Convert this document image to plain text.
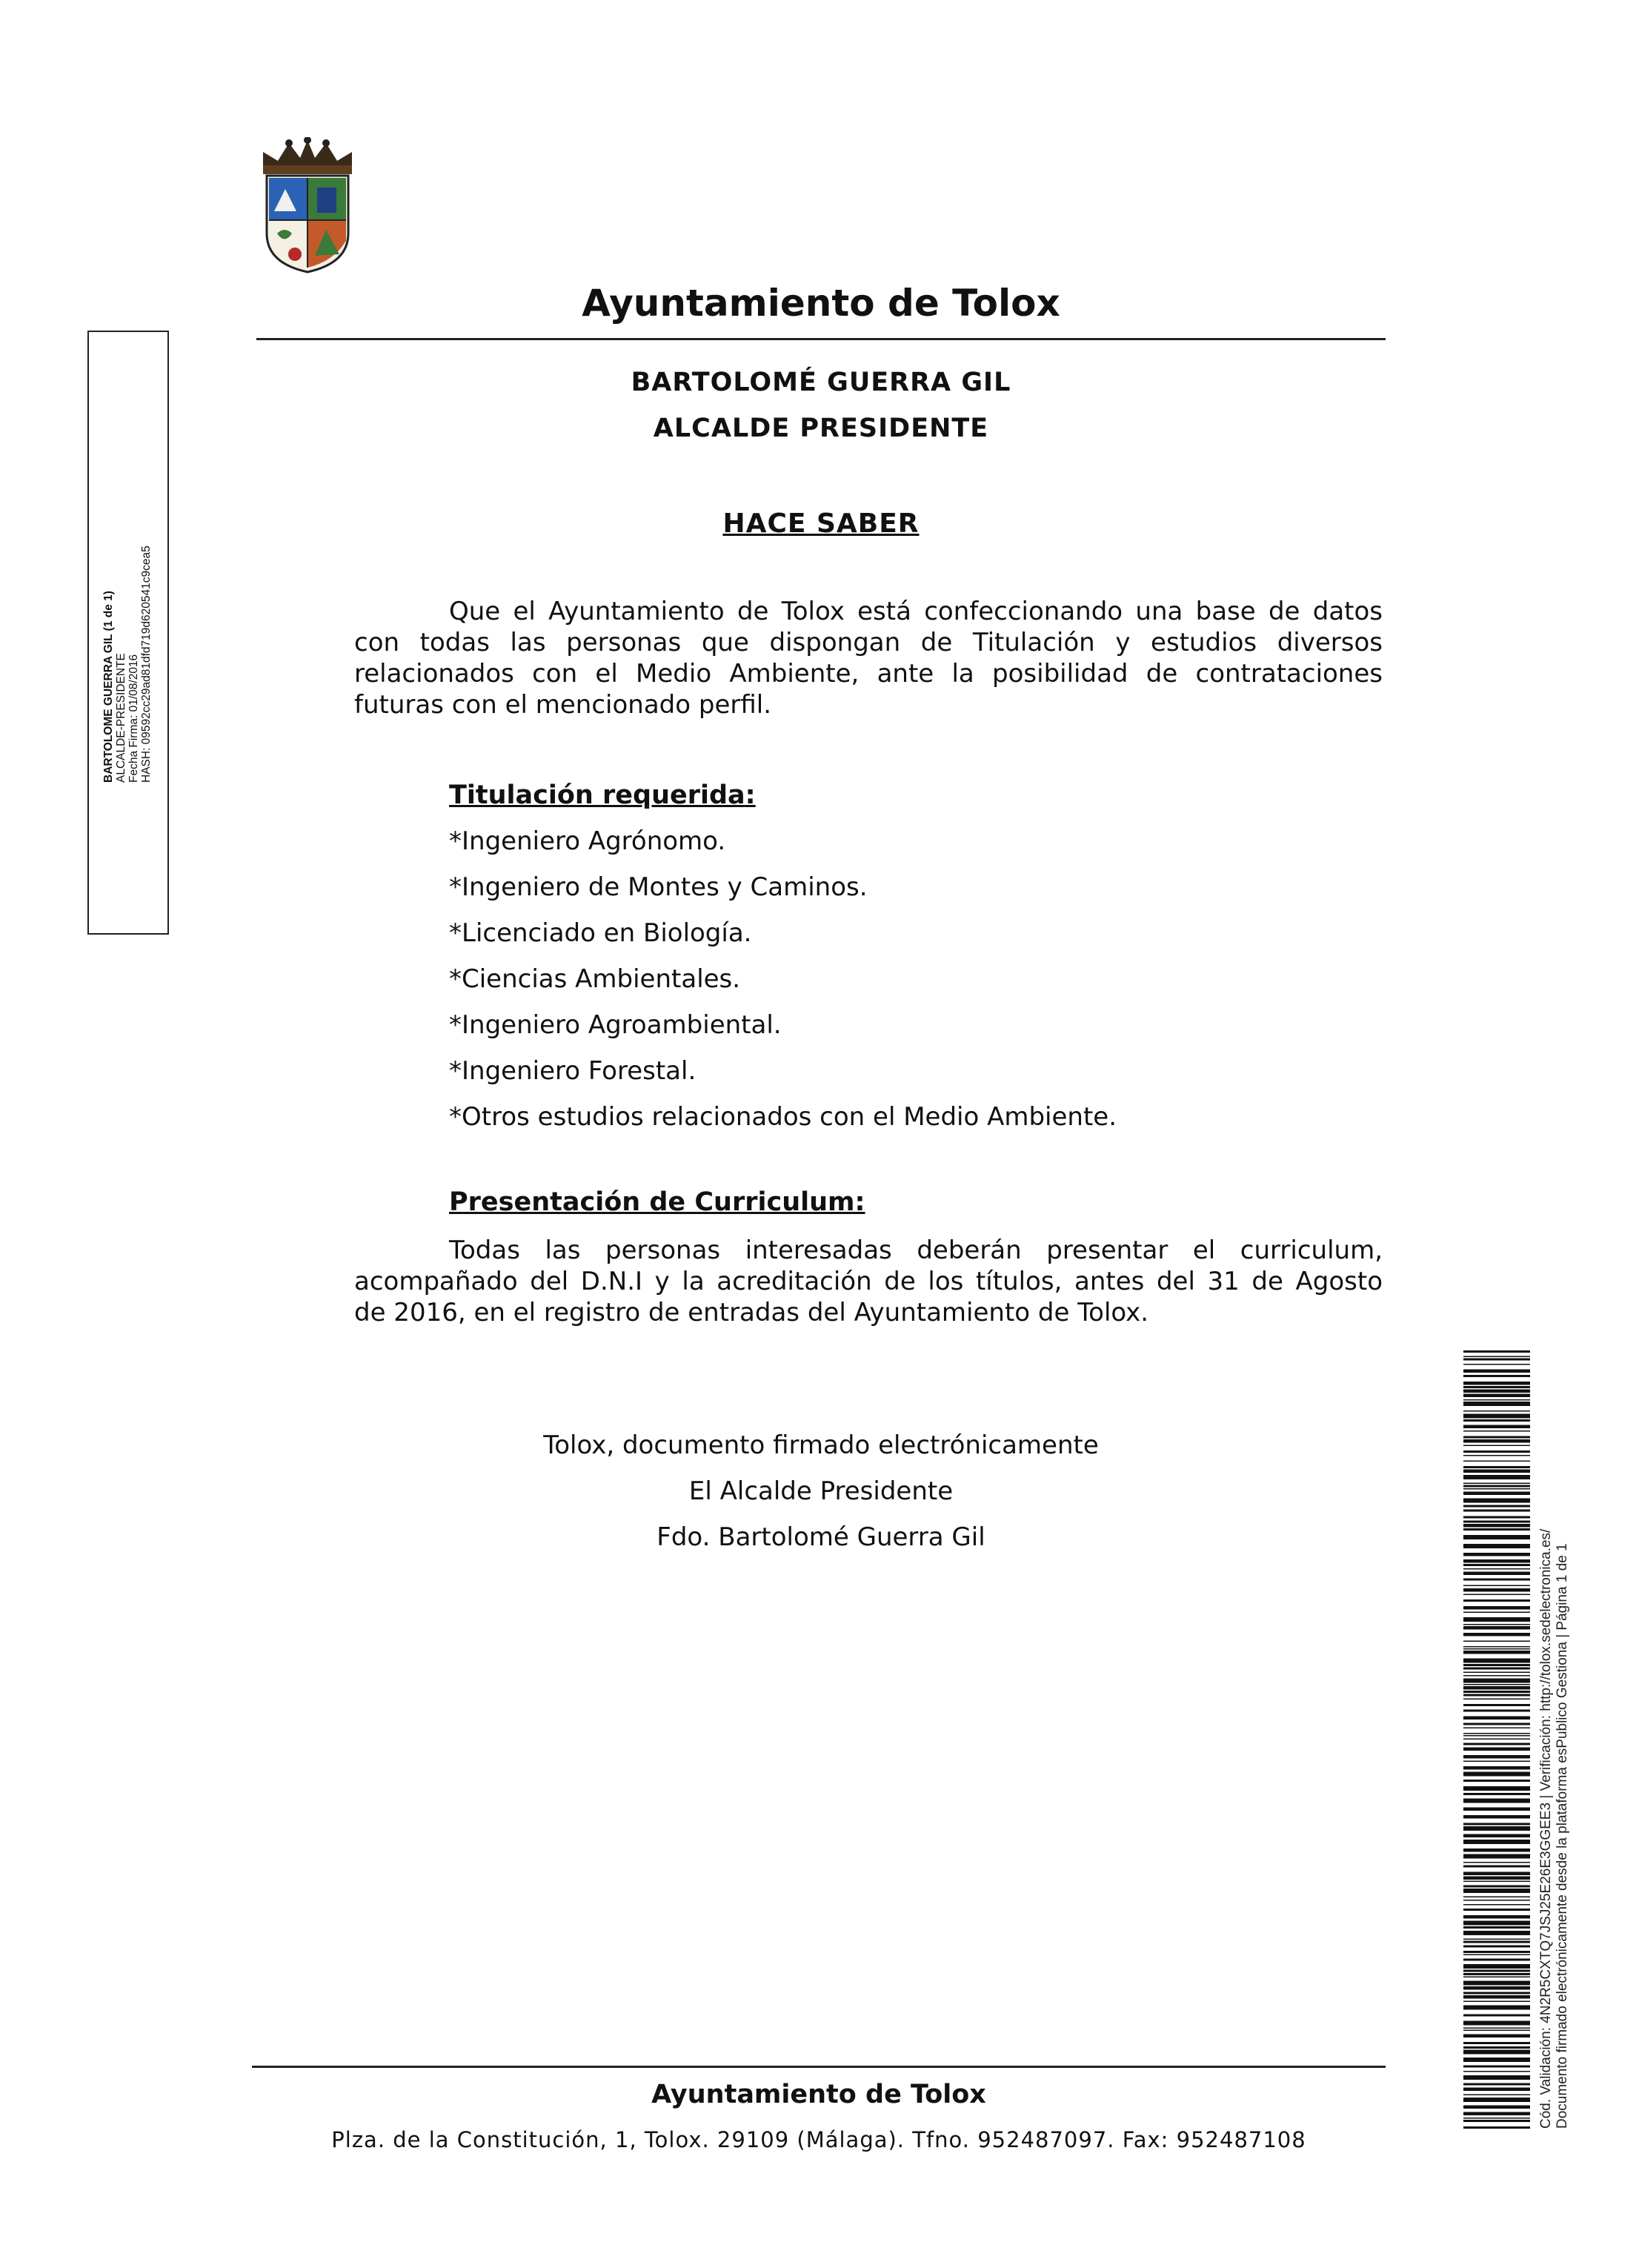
Ayuntamiento de Tolox
BARTOLOME GUERRA GIL (1 de 1) ALCALDE-PRESIDENTE Fecha Firma: 01/08/2016 HASH: 09592cc29ad81dfd719d620541c9cea5
BARTOLOMÉ GUERRA GIL
ALCALDE PRESIDENTE
HACE SABER
Que el Ayuntamiento de Tolox está confeccionando una base de datos
con todas las personas que dispongan de Titulación y estudios diversos
relacionados con el Medio Ambiente, ante la posibilidad de contrataciones
futuras con el mencionado perfil.
Titulación requerida:
*Ingeniero Agrónomo.
*Ingeniero de Montes y Caminos.
*Licenciado en Biología.
*Ciencias Ambientales.
*Ingeniero Agroambiental.
*Ingeniero Forestal.
*Otros estudios relacionados con el Medio Ambiente.
Presentación de Curriculum:
Todas las personas interesadas deberán presentar el curriculum,
acompañado del D.N.I y la acreditación de los títulos, antes del 31 de Agosto
de 2016, en el registro de entradas del Ayuntamiento de Tolox.
Tolox, documento firmado electrónicamente
El Alcalde Presidente
Fdo. Bartolomé Guerra Gil	Cód. Validación: 4N2R5CXTQ7JSJ25E26E3GGEE3 | Verificación: http://tolox.sedelectronica.es/ Documento firmado electrónicamente desde la plataforma esPublico Gestiona | Página 1 de 1
Ayuntamiento de Tolox
Plza. de la Constitución, 1, Tolox. 29109 (Málaga). Tfno. 952487097. Fax: 952487108
